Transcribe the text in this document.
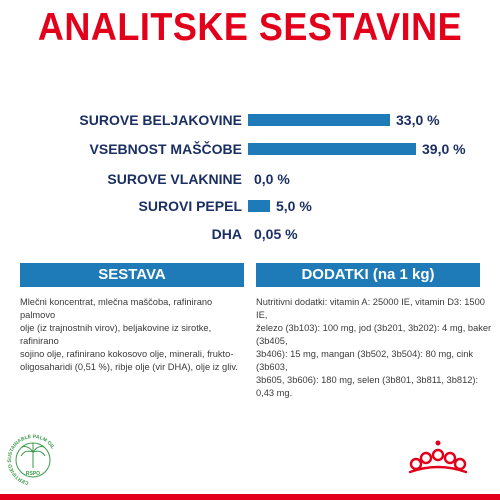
ANALITSKE SESTAVINE
SUROVE BELJAKOVINE	33,0 %
VSEBNOST MAŠČOBE	39,0 %
SUROVE VLAKNINE 0,0 %
SUROVI PEPEL 5,0 %
DHA 0,05 %
SESTAVA
Mlečni koncentrat, mlečna maščoba, rafinirano palmovo
olje (iz trajnostnih virov), beljakovine iz sirotke, rafinirano
sojino olje, rafinirano kokosovo olje, minerali, frukto-
oligosaharidi (0,51 %), ribje olje (vir DHA), olje iz gliv.
DODATKI (na 1 kg)
Nutritivni dodatki: vitamin A: 25000 IE, vitamin D3: 1500 IE,
železo (3b103): 100 mg, jod (3b201, 3b202): 4 mg, baker (3b405,
3b406): 15 mg, mangan (3b502, 3b504): 80 mg, cink (3b603,
3b605, 3b606): 180 mg, selen (3b801, 3b811, 3b812): 0,43 mg.
CERTIFIED SUSTAINABLE PALM OIL
RSPO
